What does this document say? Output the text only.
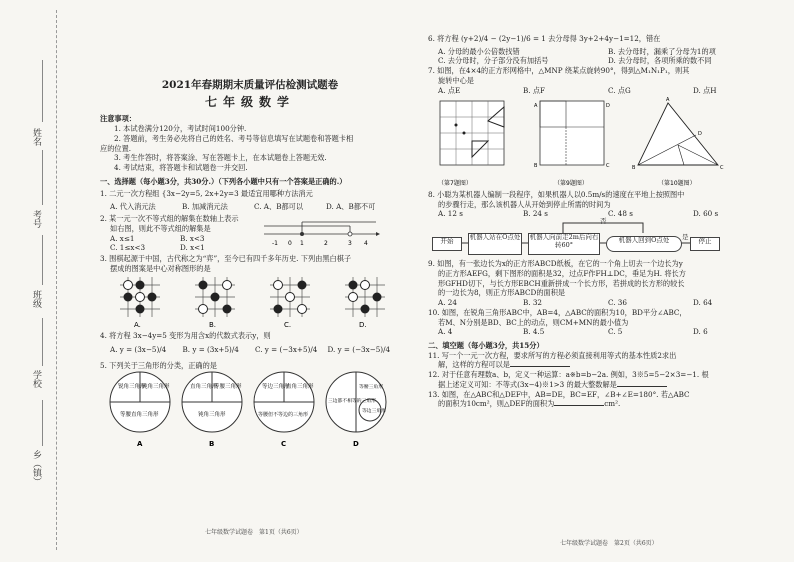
姓名
考号
班级
学校
乡（镇）
2021年春期期末质量评估检测试题卷
七年级数学

注意事项：

1. 本试卷满分120分，考试时间100分钟.

2. 答题前，考生务必先将自己的姓名、考号等信息填写在试题卷和答题卡相

应的位置.

3. 考生作答时，将答案涂、写在答题卡上，在本试题卷上答题无效.

4. 考试结束，将答题卡和试题卷一并交回.

一、选择题（每小题3分，共30分.）（下列各小题中只有一个答案是正确的.）

1. 二元一次方程组 {3x−2y=5, 2x+2y=3 最适宜用哪种方法消元

A. 代入消元法	B. 加减消元法	C. A、B都可以	D. A、B都不可

2. 某一元一次不等式组的解集在数轴上表示

如右图，则此不等式组的解集是

A. x≤1	B. x<3
C. 1≤x<3	D. x<1	-1 0 1	2	3 4

3. 围棋起源于中国，古代称之为“弈”，至今已有四千多年历史. 下列由黑白棋子

摆成的图案是中心对称图形的是

A.	B.	C.	D.

4. 将方程 3x−4y=5 变形为用含x的代数式表示y，则

A. y = (3x−5)/4	B. y = (3x+5)/4	C. y = (−3x+5)/4	D. y = (−3x−5)/4

5. 下列关于三角形的分类，正确的是

锐角三角形
钝角三角形
等腰直角三角形
A
直角三角形
等腰三角形
钝角三角形
B
等边三角形
直角三角形
等腰但不等边的三角形
C
三边都不相等的三角形
等边三角形
等腰三角形
D
七年级数学试题卷　第1页（共6页）

6. 将方程 (y+2)/4 − (2y−1)/6 = 1 去分母得 3y+2+4y−1=12，错在

A. 分母的最小公倍数找错	B. 去分母时，漏乘了分母为1的项
C. 去分母时，分子部分没有加括号	D. 去分母时，各项所乘的数不同

7. 如图，在4×4的正方形网格中，△MNP 绕某点旋转90°，得到△M₁N₁P₁，则其

旋转中心是

A. 点E	B. 点F	C. 点G	D. 点H
（第7题图）
A	D
B	C
（第9题图）
A
B	C
D
（第10题图）

8. 小聪为某机器人编制一段程序，如果机器人以0.5m/s的速度在平地上按照图中

的步骤行走，那么该机器人从开始到停止所需的时间为

A. 12 s	B. 24 s	C. 48 s	D. 60 s
开始	机器人站在O点处 机器人向前走2m后向右转60°
机器人回到O点处	停止
否
是

9. 如图，有一张边长为x的正方形ABCD纸板，在它的一个角上切去一个边长为y

的正方形AEFG，剩下图形的面积是32，过点F作FH⊥DC，垂足为H. 将长方

形GFHD切下，与长方形EBCH重新拼成一个长方形，若拼成的长方形的较长

的一边长为8，则正方形ABCD的面积是

A. 24	B. 32	C. 36	D. 64

10. 如图，在锐角三角形ABC中，AB=4，△ABC的面积为10，BD平分∠ABC，

若M、N分别是BD、BC上的动点，则CM+MN的最小值为

A. 4	B. 4.5	C. 5	D. 6

二、填空题（每小题3分，共15分）

11. 写一个一元一次方程，要求所写的方程必须直接利用等式的基本性质2求出

解，这样的方程可以是

12. 对于任意有理数a、b，定义一种运算：a※b=b−2a. 例如，3※5=5−2×3=−1. 根

据上述定义可知：不等式(3x−4)※1>3 的最大整数解是

13. 如图，在△ABC和△DEF中，AB=DE，BC=EF，∠B+∠E=180°. 若△ABC

的面积为10cm²，则△DEF的面积为	cm².

七年级数学试题卷　第2页（共6页）
